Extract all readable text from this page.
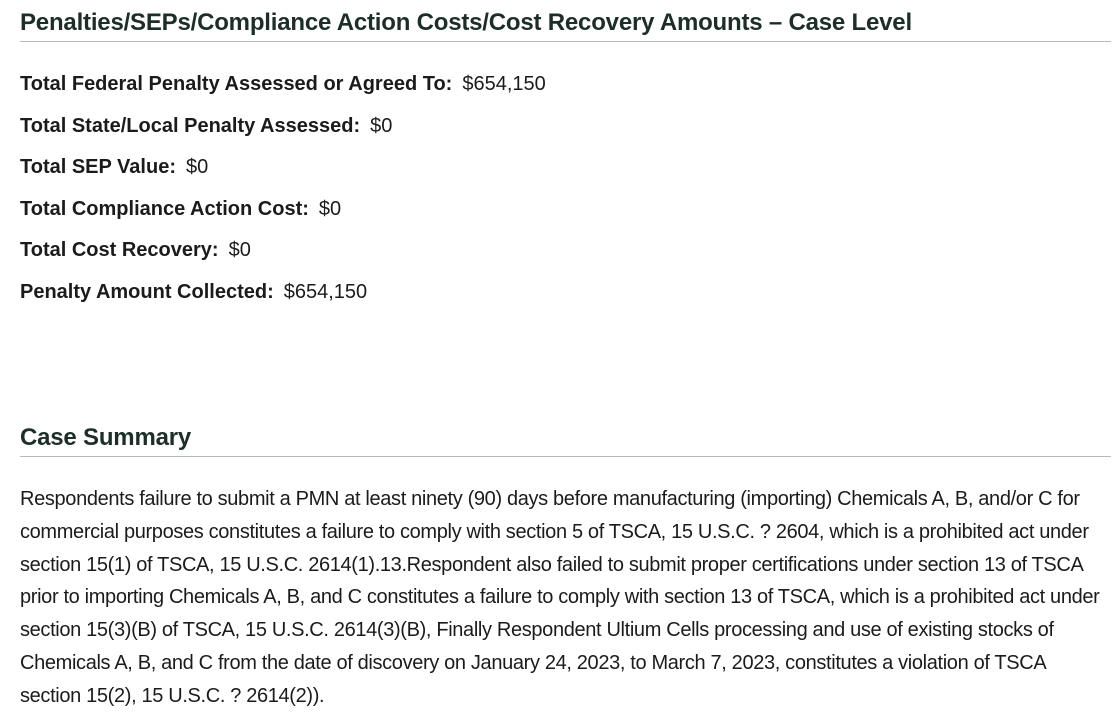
Penalties/SEPs/Compliance Action Costs/Cost Recovery Amounts – Case Level
Total Federal Penalty Assessed or Agreed To: $654,150
Total State/Local Penalty Assessed: $0
Total SEP Value: $0
Total Compliance Action Cost: $0
Total Cost Recovery: $0
Penalty Amount Collected: $654,150
Case Summary

Respondents failure to submit a PMN at least ninety (90) days before manufacturing (importing) Chemicals A, B, and/or C for commercial purposes constitutes a failure to comply with section 5 of TSCA, 15 U.S.C. ? 2604, which is a prohibited act under section 15(1) of TSCA, 15 U.S.C. 2614(1).13.Respondent also failed to submit proper certifications under section 13 of TSCA prior to importing Chemicals A, B, and C constitutes a failure to comply with section 13 of TSCA, which is a prohibited act under section 15(3)(B) of TSCA, 15 U.S.C. 2614(3)(B), Finally Respondent Ultium Cells processing and use of existing stocks of Chemicals A, B, and C from the date of discovery on January 24, 2023, to March 7, 2023, constitutes a violation of TSCA section 15(2), 15 U.S.C. ? 2614(2)).
